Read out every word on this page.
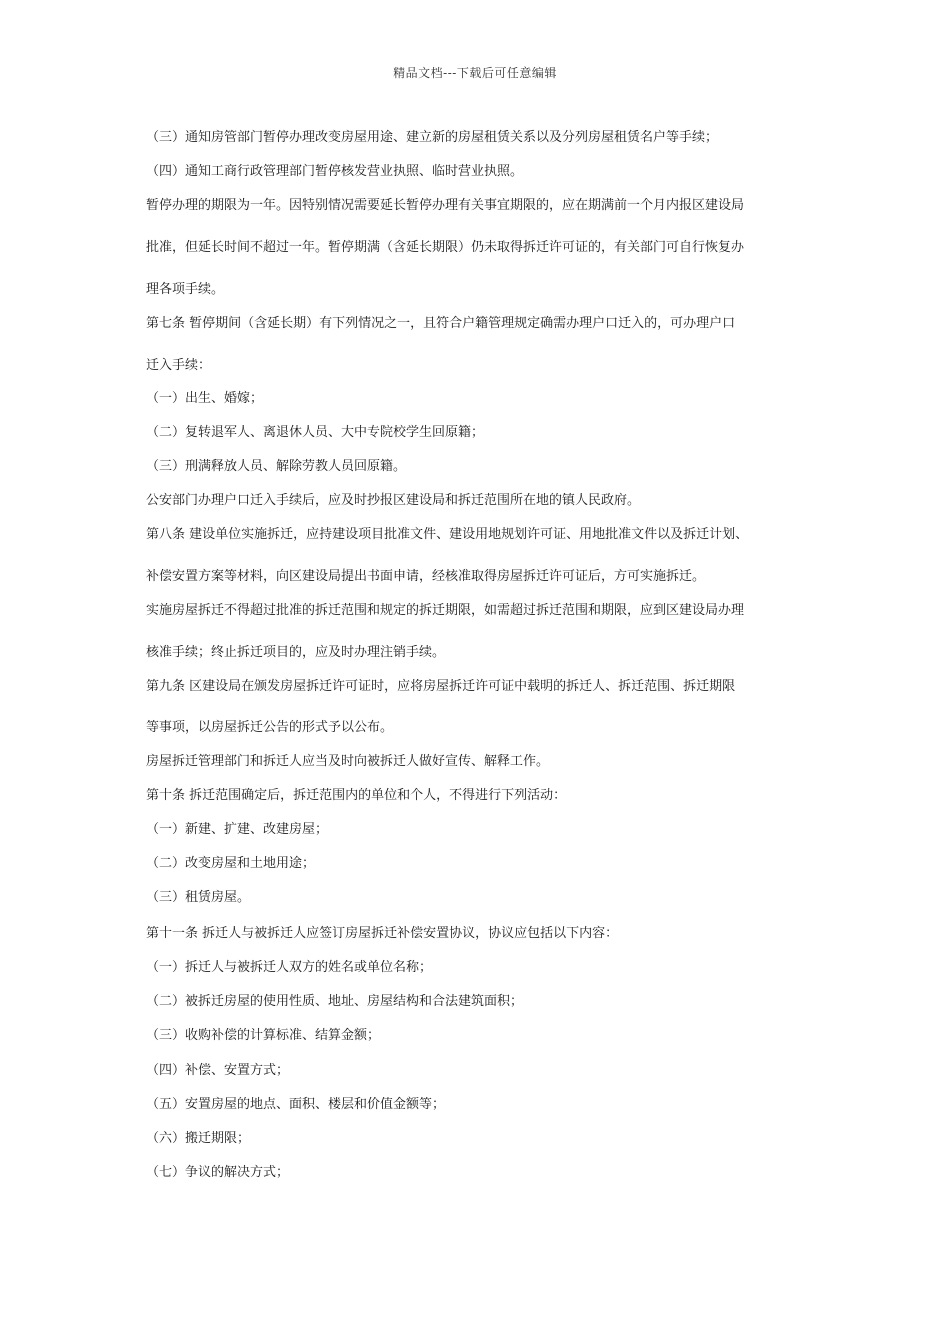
精品文档---下载后可任意编辑
（三）通知房管部门暂停办理改变房屋用途、建立新的房屋租赁关系以及分列房屋租赁名户等手续；
（四）通知工商行政管理部门暂停核发营业执照、临时营业执照。
暂停办理的期限为一年。因特别情况需要延长暂停办理有关事宜期限的，应在期满前一个月内报区建设局
批准，但延长时间不超过一年。暂停期满（含延长期限）仍未取得拆迁许可证的，有关部门可自行恢复办
理各项手续。
第七条 暂停期间（含延长期）有下列情况之一，且符合户籍管理规定确需办理户口迁入的，可办理户口
迁入手续：
（一）出生、婚嫁；
（二）复转退军人、离退休人员、大中专院校学生回原籍；
（三）刑满释放人员、解除劳教人员回原籍。
公安部门办理户口迁入手续后，应及时抄报区建设局和拆迁范围所在地的镇人民政府。
第八条 建设单位实施拆迁，应持建设项目批准文件、建设用地规划许可证、用地批准文件以及拆迁计划、
补偿安置方案等材料，向区建设局提出书面申请，经核准取得房屋拆迁许可证后，方可实施拆迁。
实施房屋拆迁不得超过批准的拆迁范围和规定的拆迁期限，如需超过拆迁范围和期限，应到区建设局办理
核准手续；终止拆迁项目的，应及时办理注销手续。
第九条 区建设局在颁发房屋拆迁许可证时，应将房屋拆迁许可证中载明的拆迁人、拆迁范围、拆迁期限
等事项，以房屋拆迁公告的形式予以公布。
房屋拆迁管理部门和拆迁人应当及时向被拆迁人做好宣传、解释工作。
第十条 拆迁范围确定后，拆迁范围内的单位和个人，不得进行下列活动：
（一）新建、扩建、改建房屋；
（二）改变房屋和土地用途；
（三）租赁房屋。
第十一条 拆迁人与被拆迁人应签订房屋拆迁补偿安置协议，协议应包括以下内容：
（一）拆迁人与被拆迁人双方的姓名或单位名称；
（二）被拆迁房屋的使用性质、地址、房屋结构和合法建筑面积；
（三）收购补偿的计算标准、结算金额；
（四）补偿、安置方式；
（五）安置房屋的地点、面积、楼层和价值金额等；
（六）搬迁期限；
（七）争议的解决方式；
